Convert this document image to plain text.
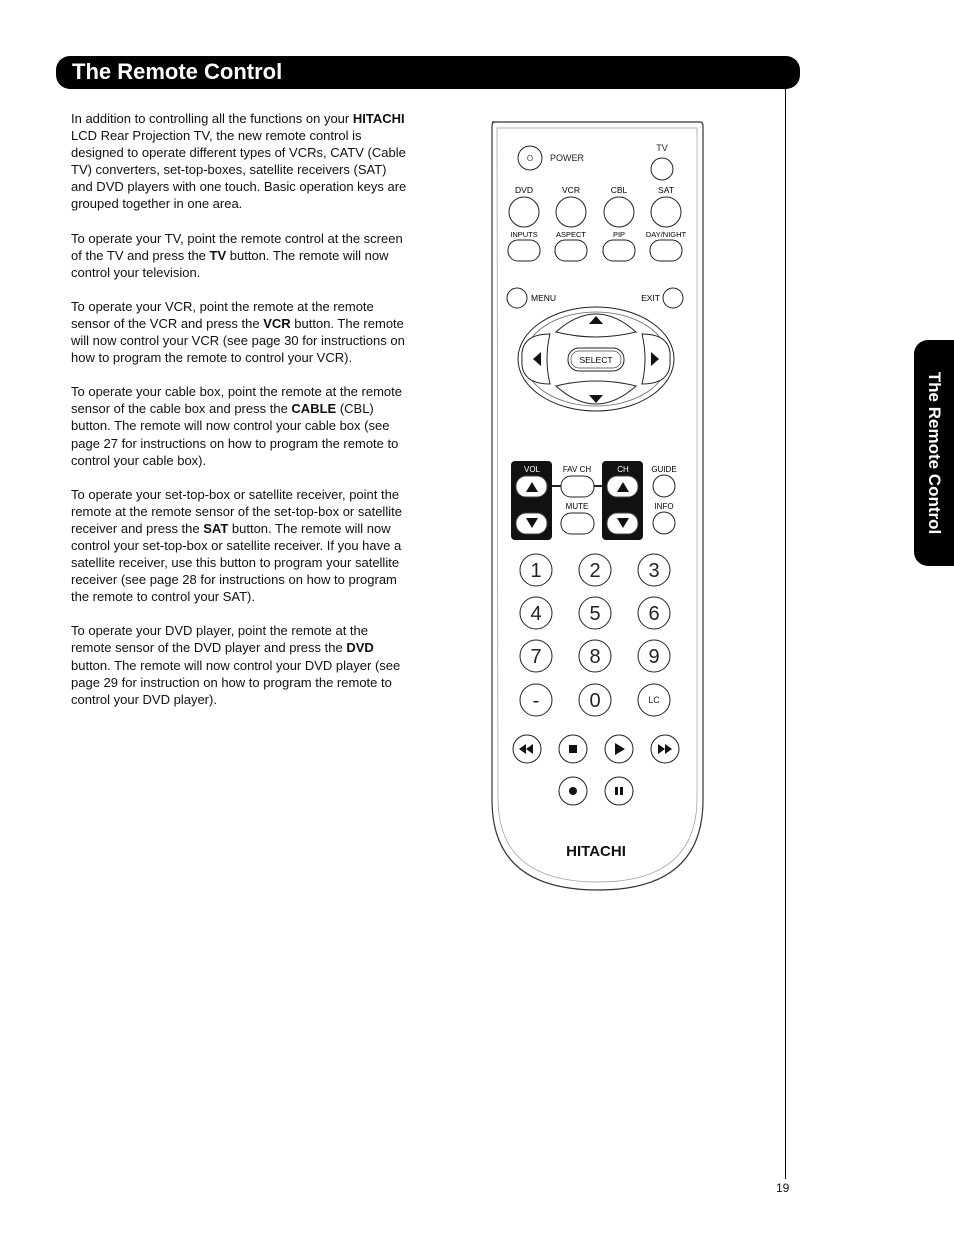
The Remote Control
The Remote Control
19

In addition to controlling all the functions on your HITACHI LCD Rear Projection TV, the new remote control is designed to operate different types of VCRs, CATV (Cable TV) converters, set-top-boxes, satellite receivers (SAT) and DVD players with one touch. Basic operation keys are grouped together in one area.

To operate your TV, point the remote control at the screen of the TV and press the TV button. The remote will now control your television.

To operate your VCR, point the remote at the remote sensor of the VCR and press the VCR button. The remote will now control your VCR (see page 30 for instructions on how to program the remote to control your VCR).

To operate your cable box, point the remote at the remote sensor of the cable box and press the CABLE (CBL) button. The remote will now control your cable box (see page 27 for instructions on how to program the remote to control your cable box).

To operate your set-top-box or satellite receiver, point the remote at the remote sensor of the set-top-box or satellite receiver and press the SAT button. The remote will now control your set-top-box or satellite receiver. If you have a satellite receiver, use this button to program your satellite receiver (see page 28 for instructions on how to program the remote to control your SAT).

To operate your DVD player, point the remote at the remote sensor of the DVD player and press the DVD button. The remote will now control your DVD player (see page 29 for instruction on how to program the remote to control your DVD player).

O POWER
TV
DVD	VCR	CBL	SAT
INPUTS ASPECT	PIP	DAY/NIGHT
MENU	EXIT
SELECT
VOL	CH
FAV CH
MUTE
GUIDE
INFO
1 2 3
4 5 6
7 8 9
-	0	LC
HITACHI
